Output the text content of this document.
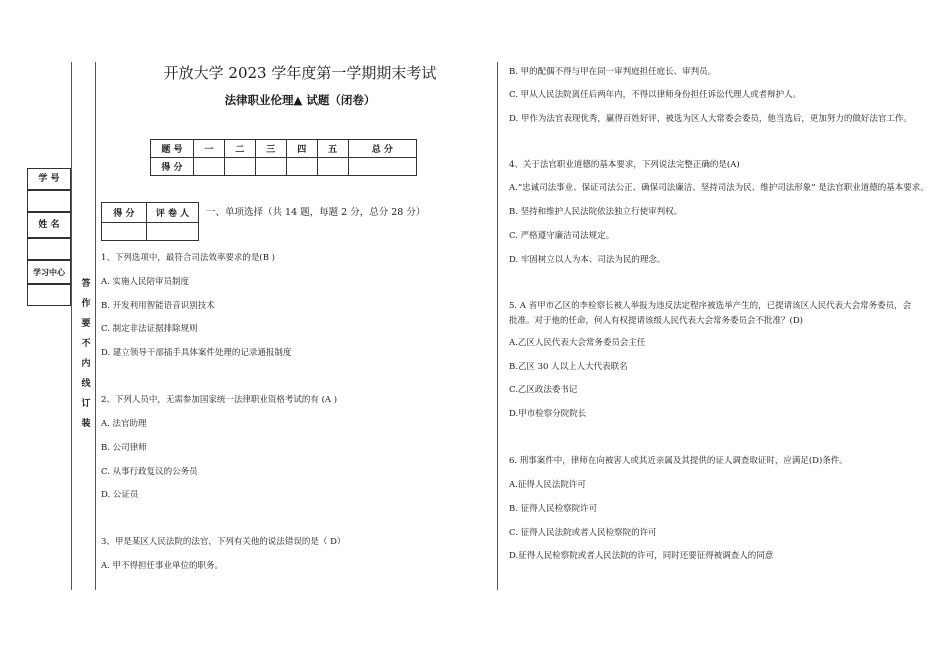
学 号
姓 名
学习中心
答
作
要
不
内
线
订
装
开放大学 2023 学年度第一学期期末考试
法律职业伦理▲ 试题（闭卷）
题 号	一	二	三	四	五	总 分
得 分						
得 分	评 卷 人
	一、单项选择（共 14 题，每题 2 分，总分 28 分）
1、下列选项中，最符合司法效率要求的是(B )
A. 实施人民陪审员制度
B. 开发利用智能语音识别技术
C. 制定非法证据排除规则
D. 建立领导干部插手具体案件处理的记录通报制度
2、下列人员中，无需参加国家统一法律职业资格考试的有 (A )
A. 法官助理
B. 公司律师
C. 从事行政复议的公务员
D. 公证员
3、甲是某区人民法院的法官，下列有关他的说法错误的是（ D）
A. 甲不得担任事业单位的职务。
B. 甲的配偶不得与甲在同一审判庭担任庭长、审判员。
C. 甲从人民法院离任后两年内，不得以律师身份担任诉讼代理人或者辩护人。
D. 甲作为法官表现优秀，赢得百姓好评，被选为区人大常委会委员，他当选后，更加努力的做好法官工作。
4、关于法官职业道德的基本要求，下列说法完整正确的是(A)
A.“忠诚司法事业、保证司法公正、确保司法廉洁、坚持司法为民、维护司法形象” 是法官职业道德的基本要求。
B. 坚持和维护人民法院依法独立行使审判权。
C. 严格遵守廉洁司法规定。
D. 牢固树立以人为本、司法为民的理念。
5. A 省甲市乙区的李检察长被人举报为违反法定程序被选举产生的，已提请该区人民代表大会常务委员，会批准。对于他的任命，何人有权提请该级人民代表大会常务委员会不批准？(D)
A.乙区人民代表大会常务委员会主任
B.乙区 30 人以上人大代表联名
C.乙区政法委书记
D.甲市检察分院院长
6. 刑事案件中，律师在向被害人或其近亲属及其提供的证人调查取证时，应满足(D)条件。
A.征得人民法院许可
B. 征得人民检察院许可
C. 征得人民法院或者人民检察院的许可
D.征得人民检察院或者人民法院的许可，同时还要征得被调查人的同意
